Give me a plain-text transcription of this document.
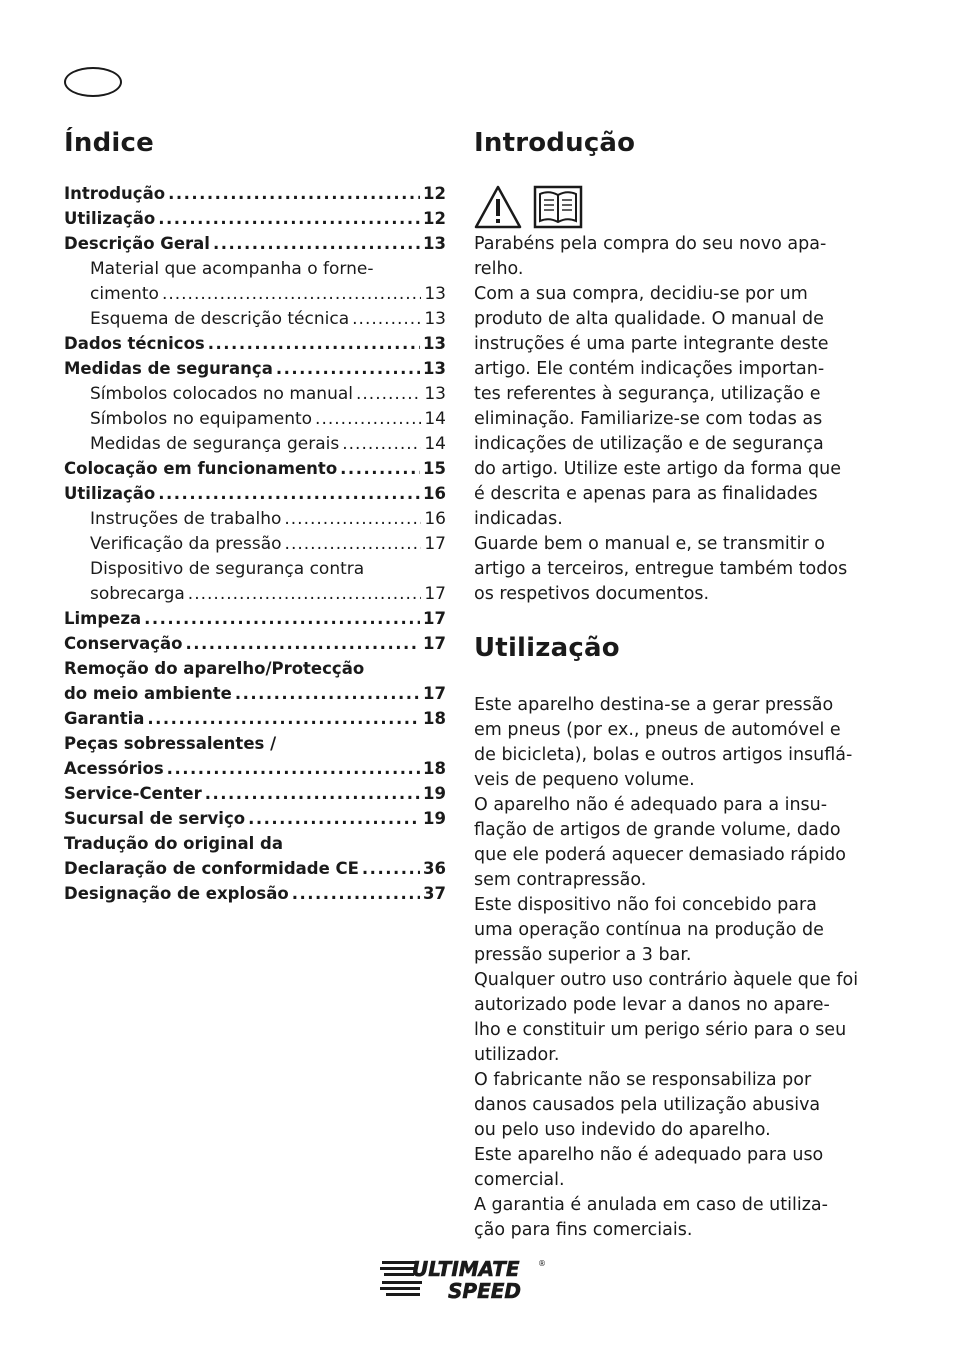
Índice
Introdução .....	12
Utilização .....	12
Descrição Geral .....	13
Material que acompanha o forne-
cimento .....	13
Esquema de descrição técnica .....	13
Dados técnicos .....	13
Medidas de segurança .....	13
Símbolos colocados no manual .....	13
Símbolos no equipamento .....	14
Medidas de segurança gerais .....	14
Colocação em funcionamento .....	15
Utilização .....	16
Instruções de trabalho .....	16
Verificação da pressão .....	17
Dispositivo de segurança contra
sobrecarga .....	17
Limpeza .....	17
Conservação .....	17
Remoção do aparelho/Protecção
do meio ambiente .....	17
Garantia .....	18
Peças sobressalentes /
Acessórios .....	18
Service-Center .....	19
Sucursal de serviço .....	19
Tradução do original da
Declaração de conformidade CE .....	36
Designação de explosão .....	37
Introdução
Parabéns pela compra do seu novo apa-
relho.
Com a sua compra, decidiu-se por um
produto de alta qualidade. O manual de
instruções é uma parte integrante deste
artigo. Ele contém indicações importan-
tes referentes à segurança, utilização e
eliminação. Familiarize-se com todas as
indicações de utilização e de segurança
do artigo. Utilize este artigo da forma que
é descrita e apenas para as finalidades
indicadas.
Guarde bem o manual e, se transmitir o
artigo a terceiros, entregue também todos
os respetivos documentos.
Utilização
Este aparelho destina-se a gerar pressão
em pneus (por ex., pneus de automóvel e
de bicicleta), bolas e outros artigos insuflá-
veis de pequeno volume.
O aparelho não é adequado para a insu-
flação de artigos de grande volume, dado
que ele poderá aquecer demasiado rápido
sem contrapressão.
Este dispositivo não foi concebido para
uma operação contínua na produção de
pressão superior a 3 bar.
Qualquer outro uso contrário àquele que foi
autorizado pode levar a danos no apare-
lho e constituir um perigo sério para o seu
utilizador.
O fabricante não se responsabiliza por
danos causados pela utilização abusiva
ou pelo uso indevido do aparelho.
Este aparelho não é adequado para uso
comercial.
A garantia é anulada em caso de utiliza-
ção para fins comerciais.
ULTIMATE
SPEED
®
